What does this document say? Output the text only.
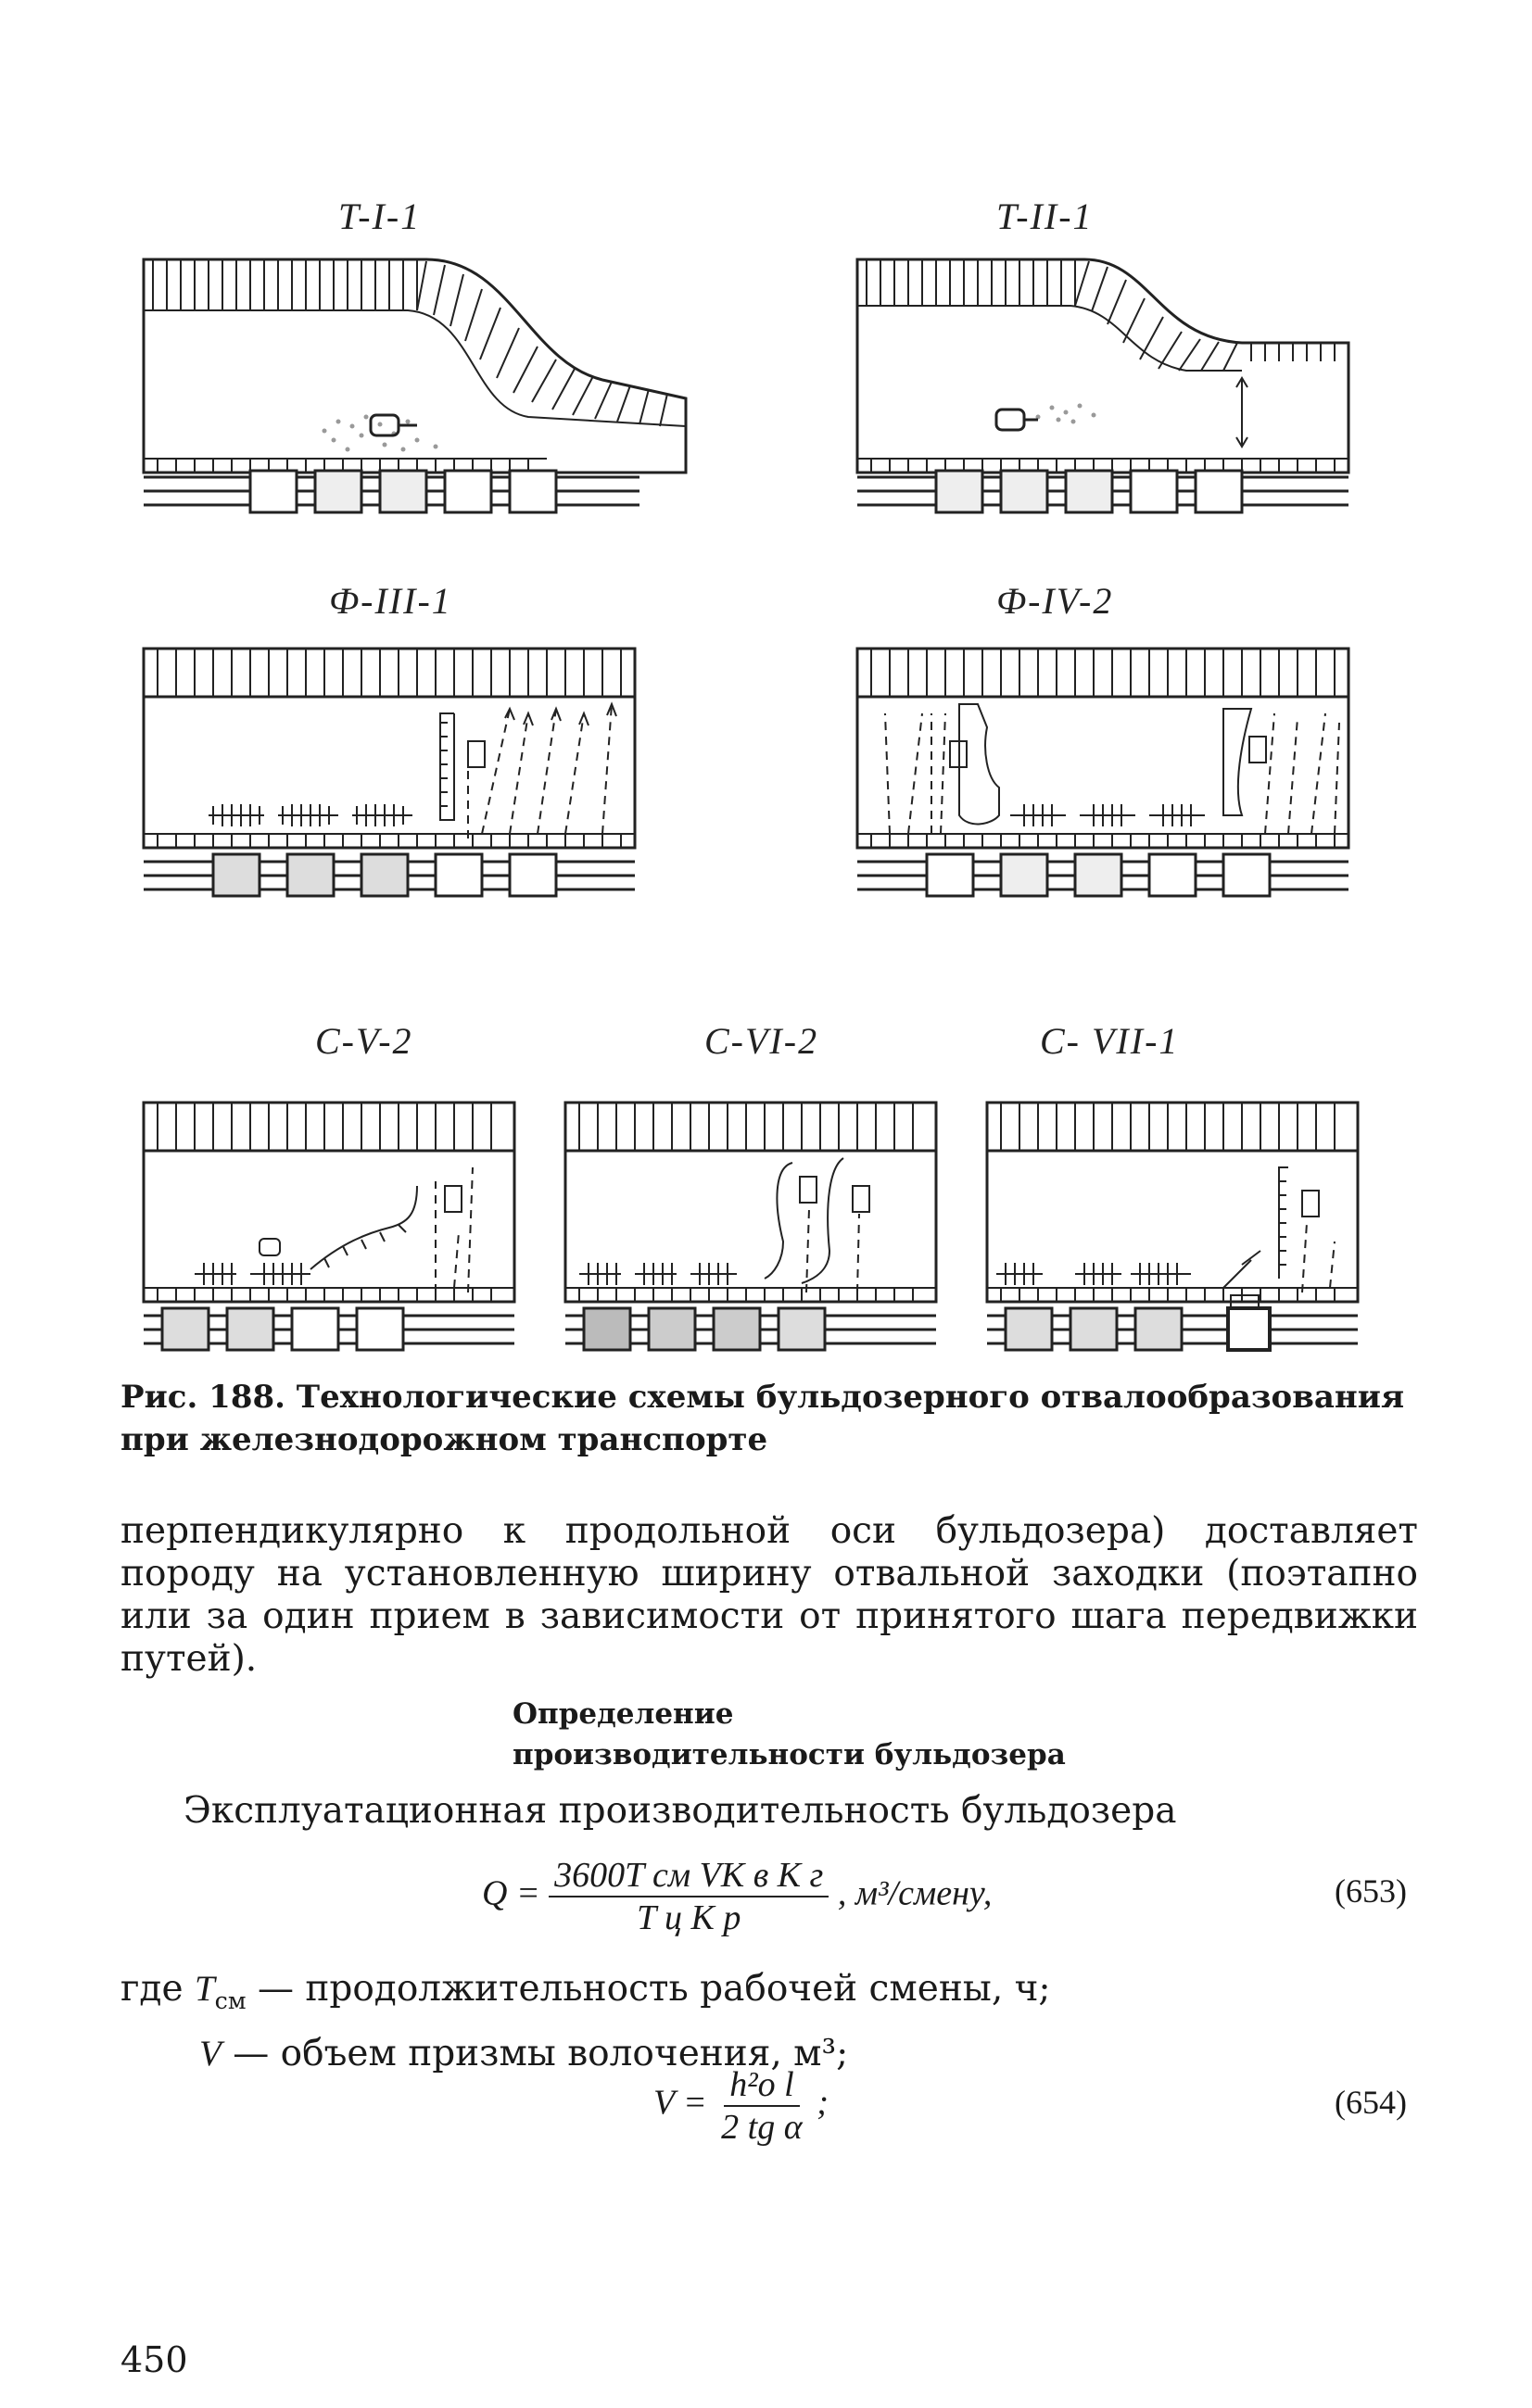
T-I-1	T-II-1
Ф-III-1	Ф-IV-2
C-V-2	C-VI-2	C- VII-1
Рис. 188. Технологические схемы бульдозерного отвалообразования при железнодорожном транспорте
перпендикулярно к продольной оси бульдозера) доставляет породу на установленную ширину отвальной заходки (поэтапно или за один прием в зависимости от принятого шага передвижки путей).
Определение
производительности бульдозера
Эксплуатационная производительность бульдозера
$Q = \frac{\text{3600T см VK в K г}}{\text{T ц K р}}$ , м³/смену,	(653)
где $T_{см}$ — продолжительность рабочей смены, ч;
V — объем призмы волочения, м³;
$V = \frac{\text{h²о l}}{\text{2 tg α}}$ ;	(654)
450
